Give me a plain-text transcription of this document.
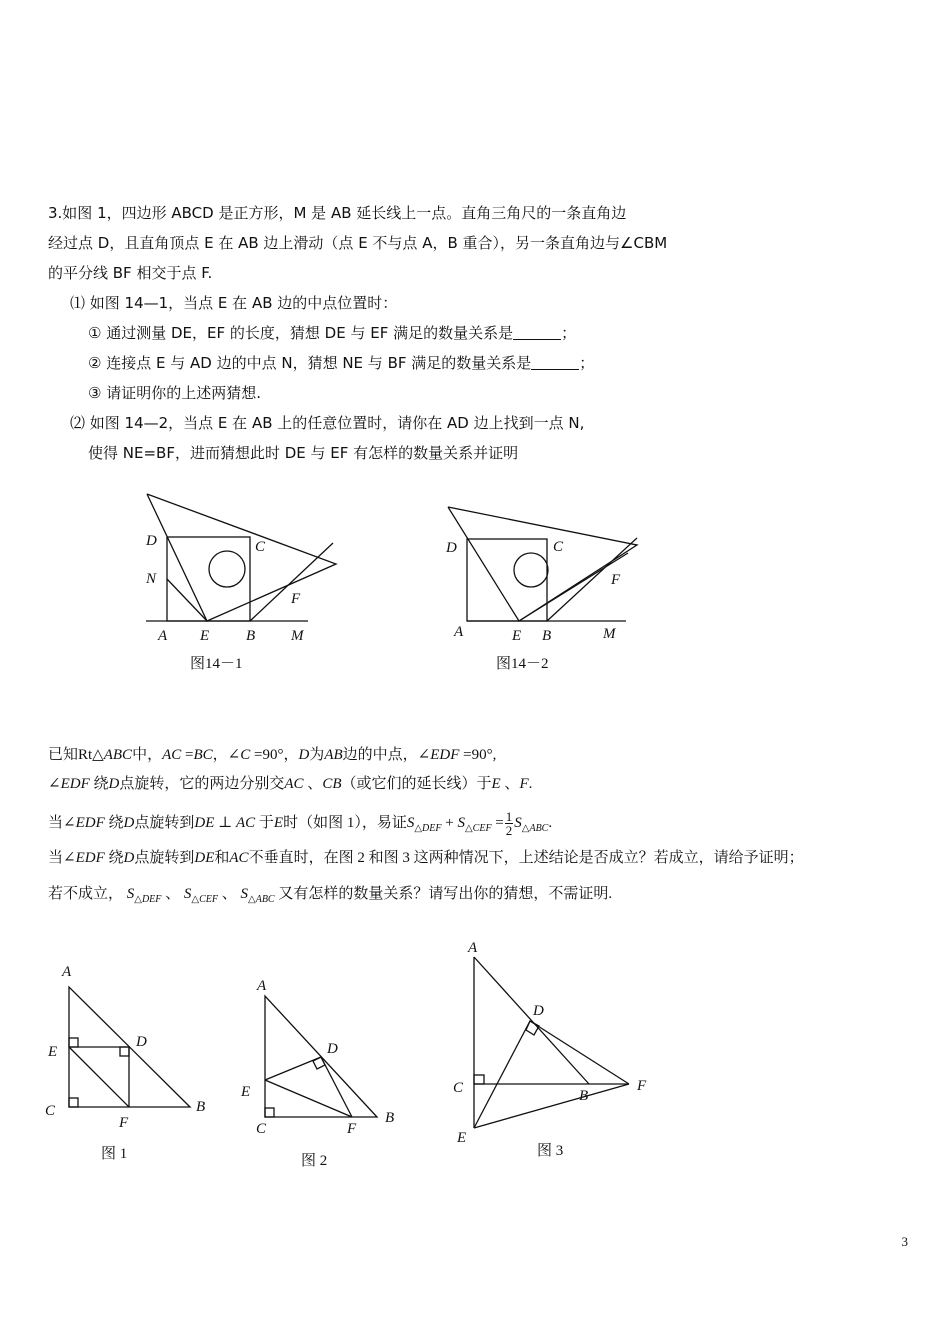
3.如图 1，四边形 ABCD 是正方形，M 是 AB 延长线上一点。直角三角尺的一条直角边
经过点 D，且直角顶点 E 在 AB 边上滑动（点 E 不与点 A，B 重合），另一条直角边与∠CBM
的平分线 BF 相交于点 F.
⑴ 如图 14—1，当点 E 在 AB 边的中点位置时：
① 通过测量 DE，EF 的长度，猜想 DE 与 EF 满足的数量关系是	；
② 连接点 E 与 AD 边的中点 N，猜想 NE 与 BF 满足的数量关系是	；
③ 请证明你的上述两猜想.
⑵ 如图 14—2，当点 E 在 AB 上的任意位置时，请你在 AD 边上找到一点 N,
使得 NE=BF，进而猜想此时 DE 与 EF 有怎样的数量关系并证明
D	C
N
F
A E B M
图14－1
D	C
F
A	E B	M
图14－2
已知Rt△ABC中，AC =BC，∠C =90°，D为AB边的中点，∠EDF =90°,
∠EDF 绕D点旋转，它的两边分别交AC 、CB（或它们的延长线）于E 、F.
当∠EDF 绕D点旋转到DE ⊥ AC 于E时（如图 1），易证$S_{\triangle DEF} + S_{\triangle CEF} = \frac{1}{2} S_{\triangle ABC}$.
当∠EDF 绕D点旋转到DE和AC不垂直时，在图 2 和图 3 这两种情况下，上述结论是否成立？若成立，请给予证明；
若不成立， $S_{\triangle DEF}$ 、 $S_{\triangle CEF}$ 、 $S_{\triangle ABC}$ 又有怎样的数量关系？请写出你的猜想，不需证明.
A
E
D
C	B
F
图 1
A
D
E
B
C	F
图 2
A
D
C	B
F
E
图 3
3
